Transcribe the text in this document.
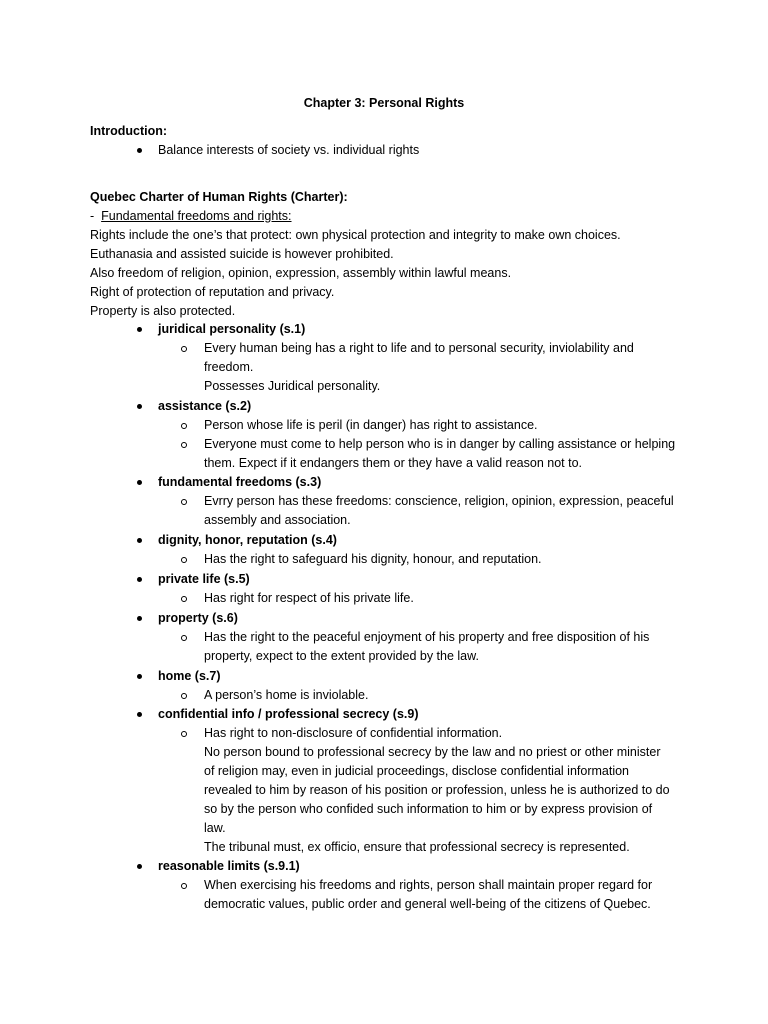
Chapter 3: Personal Rights
Introduction:
Balance interests of society vs. individual rights
Quebec Charter of Human Rights (Charter):
- Fundamental freedoms and rights:
Rights include the one’s that protect: own physical protection and integrity to make own choices.
Euthanasia and assisted suicide is however prohibited.
Also freedom of religion, opinion, expression, assembly within lawful means.
Right of protection of reputation and privacy.
Property is also protected.
juridical personality (s.1)
Every human being has a right to life and to personal security, inviolability and
freedom.
Possesses Juridical personality.
assistance (s.2)
Person whose life is peril (in danger) has right to assistance.
Everyone must come to help person who is in danger by calling assistance or helping
them. Expect if it endangers them or they have a valid reason not to.
fundamental freedoms (s.3)
Evrry person has these freedoms: conscience, religion, opinion, expression, peaceful
assembly and association.
dignity, honor, reputation (s.4)
Has the right to safeguard his dignity, honour, and reputation.
private life (s.5)
Has right for respect of his private life.
property (s.6)
Has the right to the peaceful enjoyment of his property and free disposition of his
property, expect to the extent provided by the law.
home (s.7)
A person’s home is inviolable.
confidential info / professional secrecy (s.9)
Has right to non-disclosure of confidential information.
No person bound to professional secrecy by the law and no priest or other minister
of religion may, even in judicial proceedings, disclose confidential information
revealed to him by reason of his position or profession, unless he is authorized to do
so by the person who confided such information to him or by express provision of
law.
The tribunal must, ex officio, ensure that professional secrecy is represented.
reasonable limits (s.9.1)
When exercising his freedoms and rights, person shall maintain proper regard for
democratic values, public order and general well-being of the citizens of Quebec.
